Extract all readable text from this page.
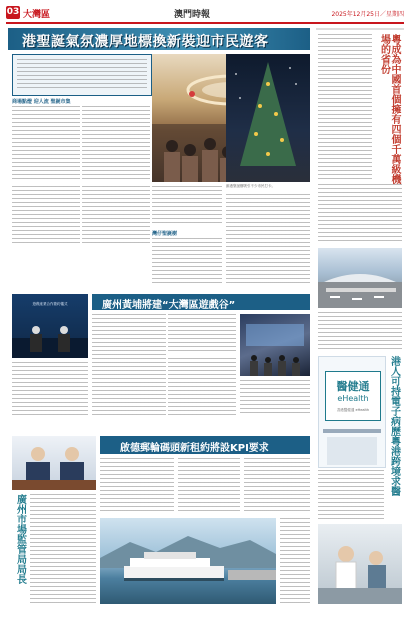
03 大灣區	澳門時報	2025年12月25日／星期四
港聖誕氣氛濃厚地標換新裝迎市民遊客
商場點燈 迎人流 聖誕市集
維港聖誕樹吸引不少市民打卡。
灣仔聖誕樹
廣州黃埔將建“大灣區遊戲谷”
遊戲產業合作簽約儀式
啟德郵輪碼頭新租約將設KPI要求
廣州市場監管局局長
粵成為中國首個擁有四個千萬級機場的省份
港人可持電子病歷粵港跨境求醫
醫健通
eHealth
香港醫健通 eHealth
